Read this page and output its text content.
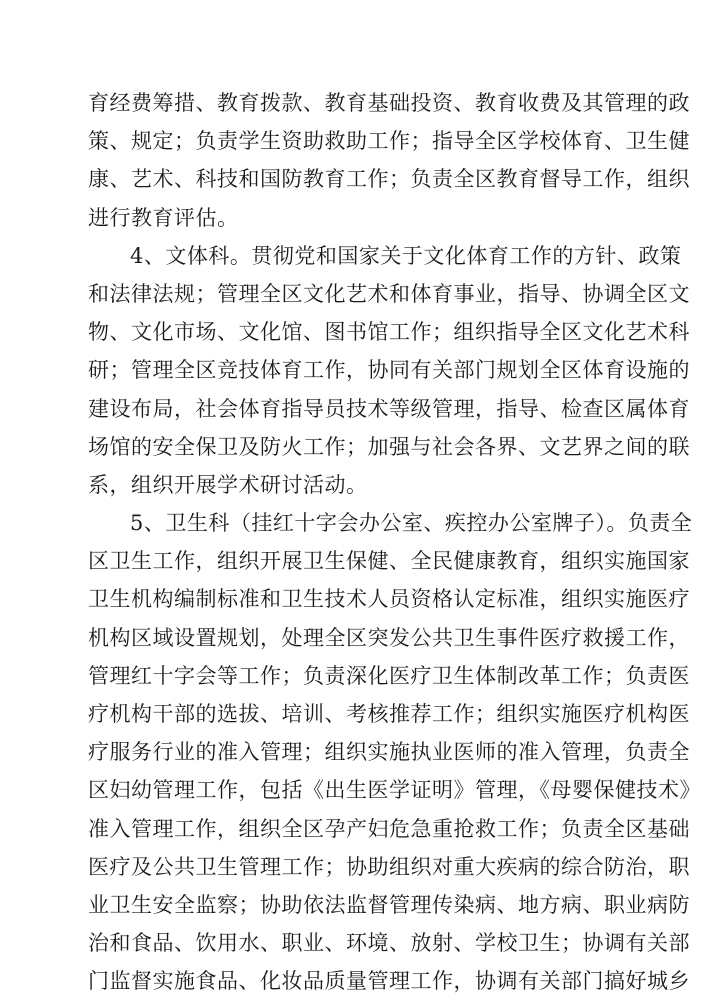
育经费筹措、教育拨款、教育基础投资、教育收费及其管理的政
策、规定；负责学生资助救助工作；指导全区学校体育、卫生健
康、艺术、科技和国防教育工作；负责全区教育督导工作，组织
进行教育评估。
4、文体科。贯彻党和国家关于文化体育工作的方针、政策
和法律法规；管理全区文化艺术和体育事业，指导、协调全区文
物、文化市场、文化馆、图书馆工作；组织指导全区文化艺术科
研；管理全区竞技体育工作，协同有关部门规划全区体育设施的
建设布局，社会体育指导员技术等级管理，指导、检查区属体育
场馆的安全保卫及防火工作；加强与社会各界、文艺界之间的联
系，组织开展学术研讨活动。
5、卫生科（挂红十字会办公室、疾控办公室牌子）。负责全
区卫生工作，组织开展卫生保健、全民健康教育，组织实施国家
卫生机构编制标准和卫生技术人员资格认定标准，组织实施医疗
机构区域设置规划，处理全区突发公共卫生事件医疗救援工作，
管理红十字会等工作；负责深化医疗卫生体制改革工作；负责医
疗机构干部的选拔、培训、考核推荐工作；组织实施医疗机构医
疗服务行业的准入管理；组织实施执业医师的准入管理，负责全
区妇幼管理工作，包括《出生医学证明》管理，《母婴保健技术》
准入管理工作，组织全区孕产妇危急重抢救工作；负责全区基础
医疗及公共卫生管理工作；协助组织对重大疾病的综合防治，职
业卫生安全监察；协助依法监督管理传染病、地方病、职业病防
治和食品、饮用水、职业、环境、放射、学校卫生；协调有关部
门监督实施食品、化妆品质量管理工作，协调有关部门搞好城乡
